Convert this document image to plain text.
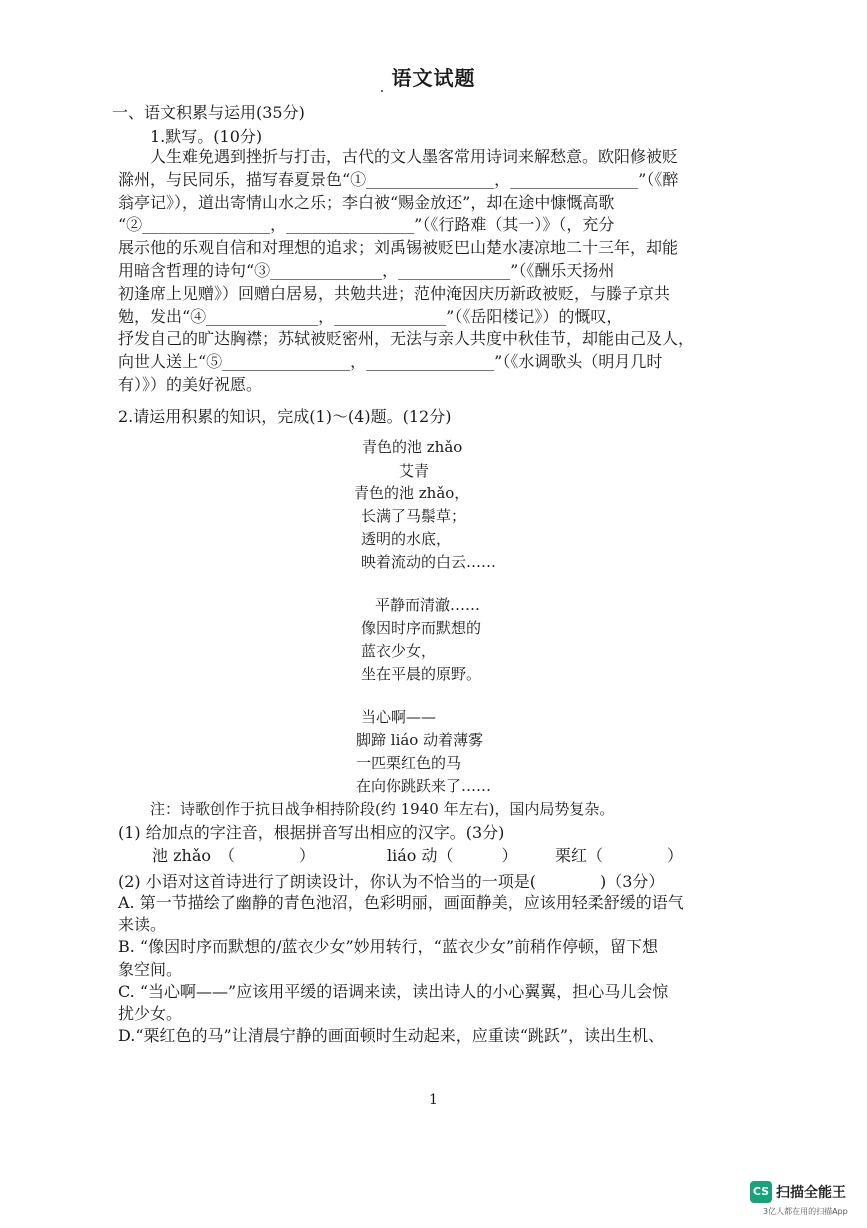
语文试题
一、语文积累与运用(35分)
1.默写。(10分)
　　人生难免遇到挫折与打击，古代的文人墨客常用诗词来解愁意。欧阳修被贬
滁州，与民同乐，描写春夏景色“①________________，________________”（《醉
翁亭记》），道出寄情山水之乐；李白被“赐金放还”，却在途中慷慨高歌
“②________________，________________”（《行路难（其一）》（，充分
展示他的乐观自信和对理想的追求；刘禹锡被贬巴山楚水凄凉地二十三年，却能
用暗含哲理的诗句“③______________，______________”（《酬乐天扬州
初逢席上见赠》）回赠白居易，共勉共进；范仲淹因庆历新政被贬，与滕子京共
勉，发出“④______________，______________”（《岳阳楼记》）的慨叹，
抒发自己的旷达胸襟；苏轼被贬密州，无法与亲人共度中秋佳节，却能由己及人，
向世人送上“⑤________________，________________”（《水调歌头（明月几时
有）》）的美好祝愿。
2.请运用积累的知识，完成(1)～(4)题。(12分)
青色的池 zhǎo
艾青
青色的池 zhǎo，
长满了马鬃草；
透明的水底，
映着流动的白云……
平静而清澈……
像因时序而默想的
蓝衣少女，
坐在平晨的原野。
当心啊——
脚蹄 liáo 动着薄雾
一匹栗红色的马
在向你跳跃来了……
注：诗歌创作于抗日战争相持阶段(约 1940 年左右)，国内局势复杂。
(1) 给加点的字注音，根据拼音写出相应的汉字。(3分)
池 zhǎo　（　　　　）	liáo 动（　　　） 栗红（　　　　）
(2) 小语对这首诗进行了朗读设计，你认为不恰当的一项是(　　　　)（3分）
A. 第一节描绘了幽静的青色池沼，色彩明丽，画面静美，应该用轻柔舒缓的语气
来读。
B. “像因时序而默想的/蓝衣少女”妙用转行，“蓝衣少女”前稍作停顿，留下想
象空间。
C. “当心啊——”应该用平缓的语调来读，读出诗人的小心翼翼，担心马儿会惊
扰少女。
D.“栗红色的马”让清晨宁静的画面顿时生动起来，应重读“跳跃”，读出生机、
1
CS 扫描全能王
3亿人都在用的扫描App
